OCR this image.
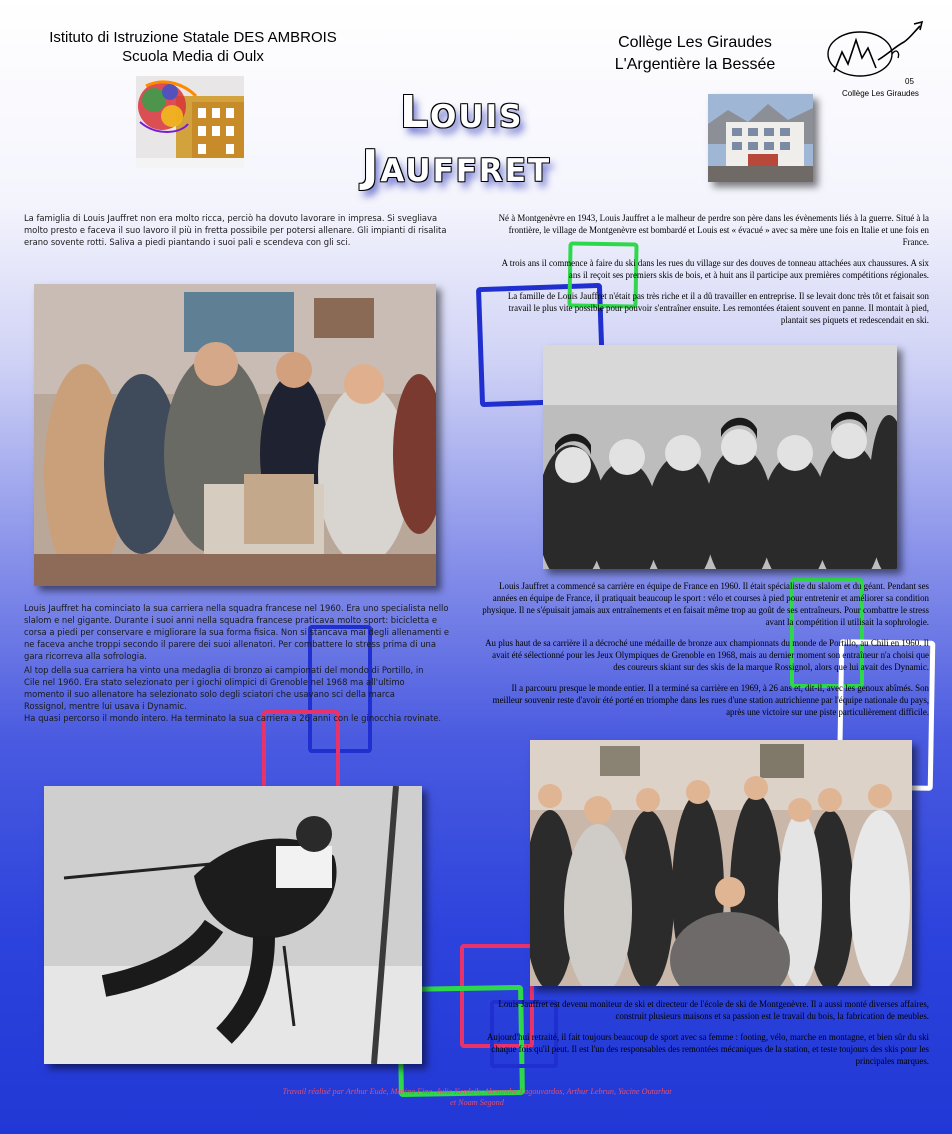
Istituto di Istruzione Statale DES AMBROIS
Scuola Media di Oulx
Collège Les Giraudes
L'Argentière la Bessée
05
Collège Les Giraudes
Louis
Jauffret
La famiglia di Louis Jauffret non era molto ricca, perciò ha dovuto lavorare in impresa. Si svegliava molto presto e faceva il suo lavoro il più in fretta possibile per potersi allenare. Gli impianti di risalita erano sovente rotti. Saliva a piedi piantando i suoi pali e scendeva con gli sci.
Louis Jauffret ha cominciato la sua carriera nella squadra francese nel 1960. Era uno specialista nello slalom e nel gigante. Durante i suoi anni nella squadra francese praticava molto sport: bicicletta e corsa a piedi per conservare e migliorare la sua forma fisica. Non si stancava mai degli allenamenti e ne faceva anche troppi secondo il parere dei suoi allenatori. Per combattere lo stress prima di una gara ricorreva alla sofrologia.
Al top della sua carriera ha vinto una medaglia di bronzo ai campionati del mondo di Portillo, in Cile nel 1960. Era stato selezionato per i giochi olimpici di Grenoble nel 1968 ma all'ultimo momento il suo allenatore ha selezionato solo degli sciatori che usavano sci della marca Rossignol, mentre lui usava i Dynamic.
Ha quasi percorso il mondo intero. Ha terminato la sua carriera a 26 anni con le ginocchia rovinate.
Né à Montgenèvre en 1943, Louis Jauffret a le malheur de perdre son père dans les évènements liés à la guerre. Situé à la frontière, le village de Montgenèvre est bombardé et Louis est « évacué » avec sa mère une fois en Italie et une fois en France.
A trois ans il commence à faire du ski dans les rues du village sur des douves de tonneau attachées aux chaussures. A six ans il reçoit ses premiers skis de bois, et à huit ans il participe aux premières compétitions régionales.
La famille de Louis Jauffret n'était pas très riche et il a dû travailler en entreprise. Il se levait donc très tôt et faisait son travail le plus vite possible pour pouvoir s'entraîner ensuite. Les remontées étaient souvent en panne. Il montait à pied, plantait ses piquets et redescendait en ski.
Louis Jauffret a commencé sa carrière en équipe de France en 1960. Il était spécialiste du slalom et du géant. Pendant ses années en équipe de France, il pratiquait beaucoup le sport : vélo et courses à pied pour entretenir et améliorer sa condition physique. Il ne s'épuisait jamais aux entraînements et en faisait même trop au goût de ses entraîneurs. Pour combattre le stress avant la compétition il utilisait la sophrologie.
Au plus haut de sa carrière il a décroché une médaille de bronze aux championnats du monde de Portillo, au Chili en 1960. Il avait été sélectionné pour les Jeux Olympiques de Grenoble en 1968, mais au dernier moment son entraîneur n'a choisi que des coureurs skiant sur des skis de la marque Rossignol, alors que lui avait des Dynamic.
Il a parcouru presque le monde entier. Il a terminé sa carrière en 1969, à 26 ans et, dit-il, avec les genoux abîmés. Son meilleur souvenir reste d'avoir été porté en triomphe dans les rues d'une station autrichienne par l'équipe nationale du pays, après une victoire sur une piste particulièrement difficile.
Louis Jauffret est devenu moniteur de ski et directeur de l'école de ski de Montgenèvre. Il a aussi monté diverses affaires, construit plusieurs maisons et sa passion est le travail du bois, la fabrication de meubles.
Aujourd'hui retraité, il fait toujours beaucoup de sport avec sa femme : footing, vélo, marche en montagne, et bien sûr du ski chaque fois qu'il peut. Il est l'un des responsables des remontées mécaniques de la station, et teste toujours des skis pour les principales marques.
Travail réalisé par Arthur Eude, Marina Fine, Julie Kerdo'h, Alexandre Lagouvardos, Arthur Lebrun, Yacine Outarhat et Noam Segond
